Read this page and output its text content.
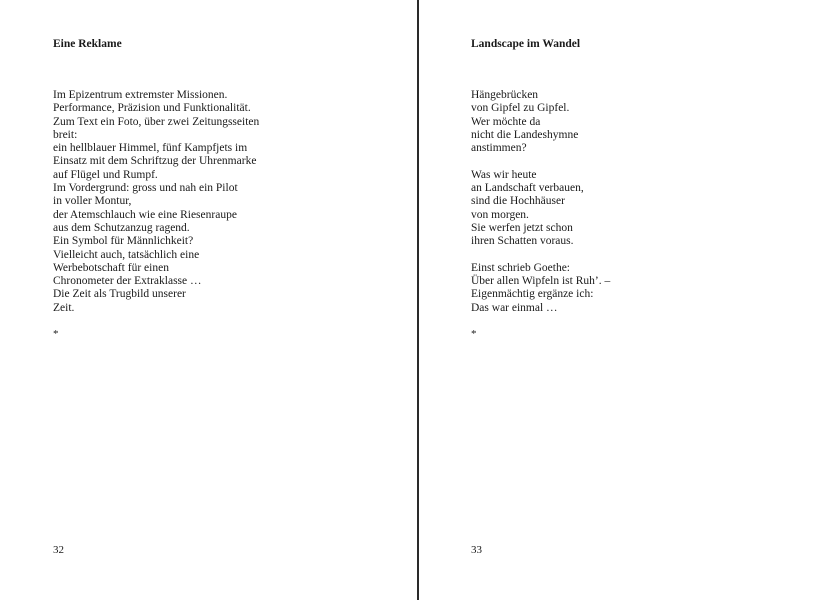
Eine Reklame
Im Epizentrum extremster Missionen.
Performance, Präzision und Funktionalität.
Zum Text ein Foto, über zwei Zeitungsseiten
breit:
ein hellblauer Himmel, fünf Kampfjets im
Einsatz mit dem Schriftzug der Uhrenmarke
auf Flügel und Rumpf.
Im Vordergrund: gross und nah ein Pilot
in voller Montur,
der Atemschlauch wie eine Riesenraupe
aus dem Schutzanzug ragend.
Ein Symbol für Männlichkeit?
Vielleicht auch, tatsächlich eine
Werbebotschaft für einen
Chronometer der Extraklasse …
Die Zeit als Trugbild unserer
Zeit.
*
32
Landscape im Wandel
Hängebrücken
von Gipfel zu Gipfel.
Wer möchte da
nicht die Landeshymne
anstimmen?
Was wir heute
an Landschaft verbauen,
sind die Hochhäuser
von morgen.
Sie werfen jetzt schon
ihren Schatten voraus.
Einst schrieb Goethe:
Über allen Wipfeln ist Ruh’. –
Eigenmächtig ergänze ich:
Das war einmal …
*
33
